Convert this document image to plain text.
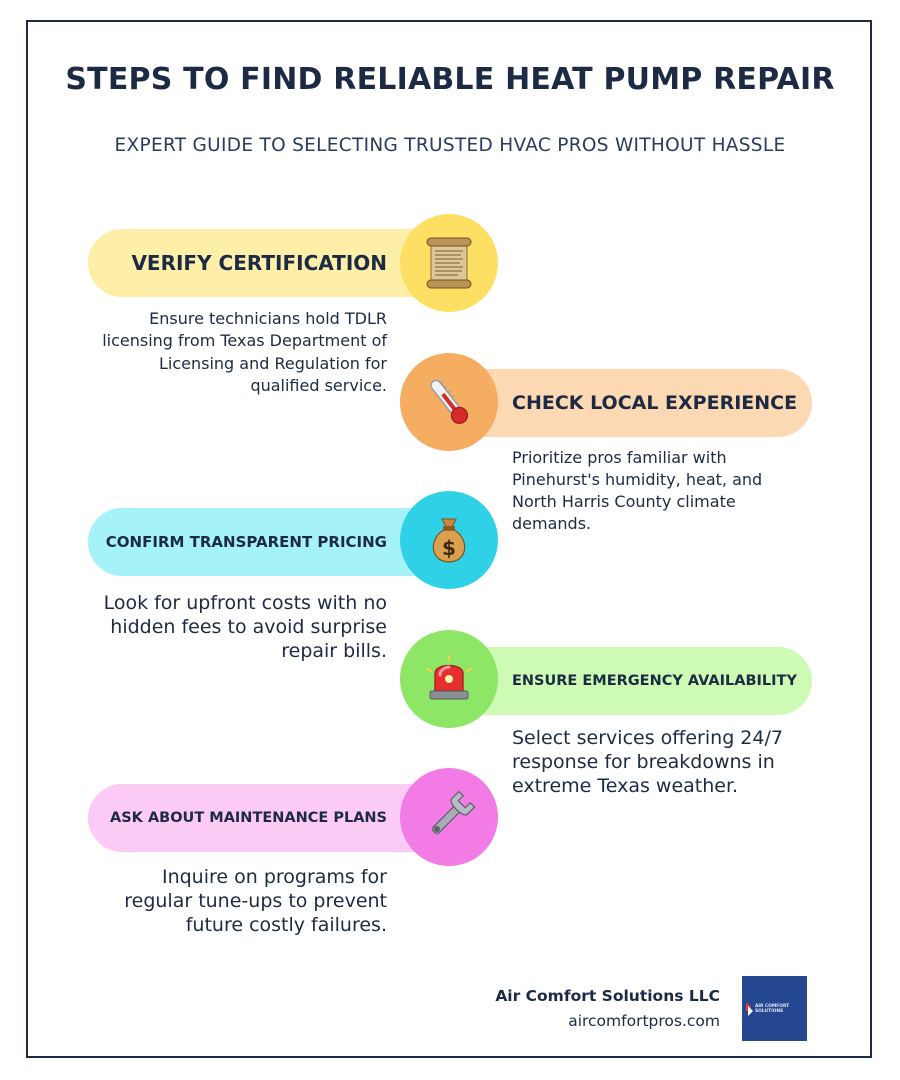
STEPS TO FIND RELIABLE HEAT PUMP REPAIR
EXPERT GUIDE TO SELECTING TRUSTED HVAC PROS WITHOUT HASSLE
VERIFY CERTIFICATION
Ensure technicians hold TDLR licensing from Texas Department of Licensing and Regulation for qualified service.
CHECK LOCAL EXPERIENCE
Prioritize pros familiar with Pinehurst's humidity, heat, and North Harris County climate demands.
CONFIRM TRANSPARENT PRICING	$
Look for upfront costs with no hidden fees to avoid surprise repair bills.
ENSURE EMERGENCY AVAILABILITY
Select services offering 24/7 response for breakdowns in extreme Texas weather.
ASK ABOUT MAINTENANCE PLANS
Inquire on programs for regular tune-ups to prevent future costly failures.
Air Comfort Solutions LLC
aircomfortpros.com
AIR COMFORT SOLUTIONS
